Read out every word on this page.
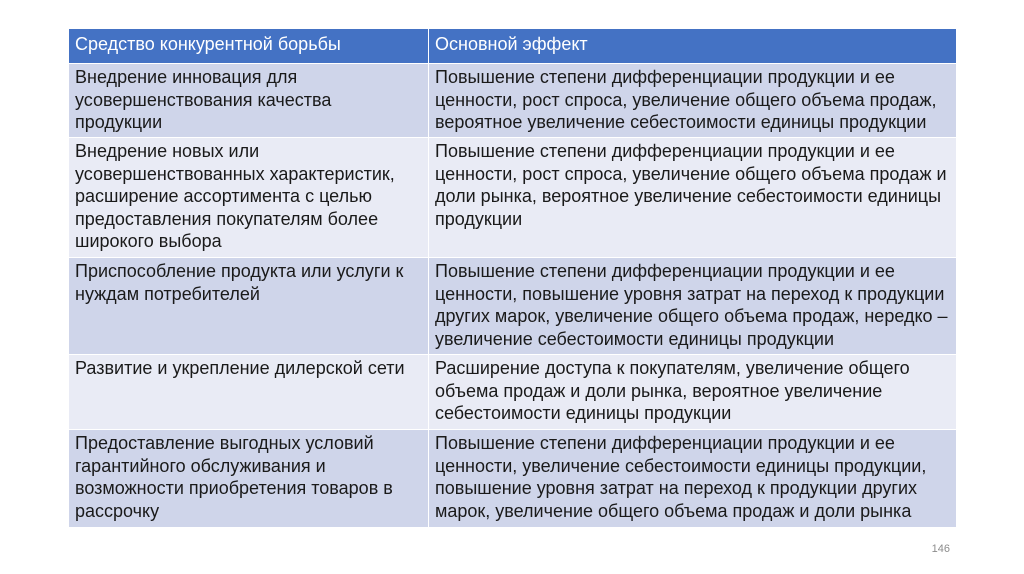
Средство конкурентной борьбы	Основной эффект
Внедрение инновация для усовершенствования качества продукции	Повышение степени дифференциации продукции и ее ценности, рост спроса, увеличение общего объема продаж, вероятное увеличение себестоимости единицы продукции
Внедрение новых или усовершенствованных характеристик, расширение ассортимента с целью предоставления покупателям более широкого выбора	Повышение степени дифференциации продукции и ее ценности, рост спроса, увеличение общего объема продаж и доли рынка, вероятное увеличение себестоимости единицы продукции
Приспособление продукта или услуги к нуждам потребителей	Повышение степени дифференциации продукции и ее ценности, повышение уровня затрат на переход к продукции других марок, увеличение общего объема продаж, нередко – увеличение себестоимости единицы продукции
Развитие и укрепление дилерской сети	Расширение доступа к покупателям, увеличение общего объема продаж и доли рынка, вероятное увеличение себестоимости единицы продукции
Предоставление выгодных условий гарантийного обслуживания и возможности приобретения товаров в рассрочку	Повышение степени дифференциации продукции и ее ценности, увеличение себестоимости единицы продукции, повышение уровня затрат на переход к продукции других марок, увеличение общего объема продаж и доли рынка
146
